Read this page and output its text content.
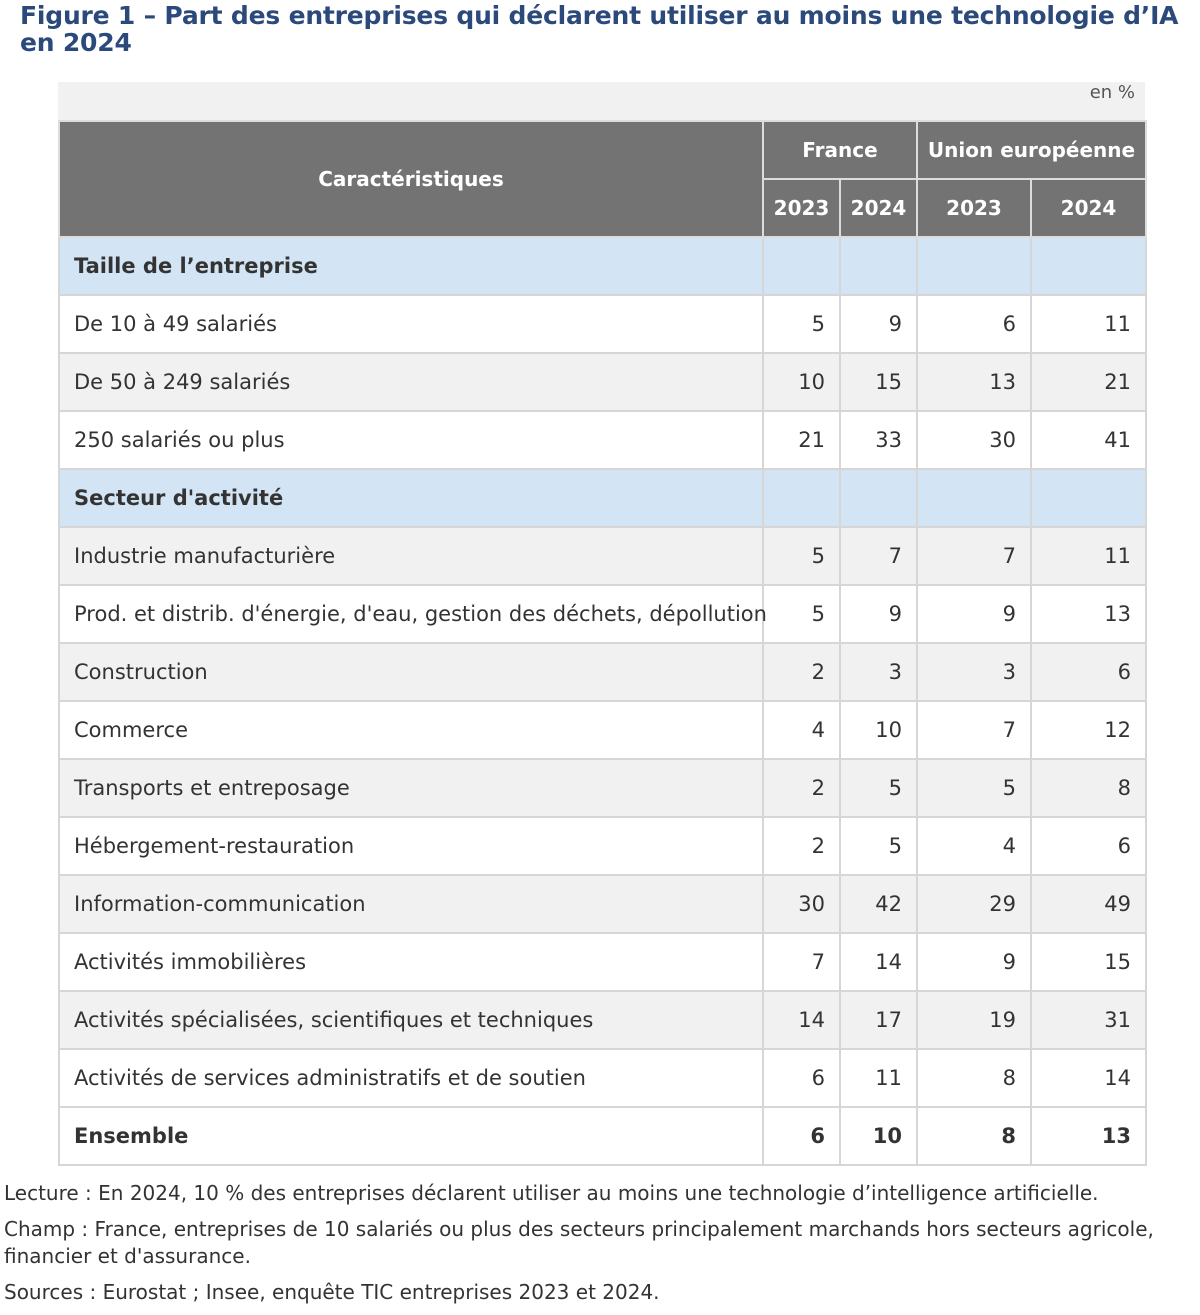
Figure 1 – Part des entreprises qui déclarent utiliser au moins une technologie d’IA en 2024
en %
Caractéristiques	France		Union européenne	
	2023	2024	2023	2024
Taille de l’entreprise				
De 10 à 49 salariés	5	9	6	11
De 50 à 249 salariés	10	15	13	21
250 salariés ou plus	21	33	30	41
Secteur d'activité				
Industrie manufacturière	5	7	7	11
Prod. et distrib. d'énergie, d'eau, gestion des déchets, dépollution	5	9	9	13
Construction	2	3	3	6
Commerce	4	10	7	12
Transports et entreposage	2	5	5	8
Hébergement-restauration	2	5	4	6
Information-communication	30	42	29	49
Activités immobilières	7	14	9	15
Activités spécialisées, scientifiques et techniques	14	17	19	31
Activités de services administratifs et de soutien	6	11	8	14
Ensemble	6	10	8	13

Lecture : En 2024, 10 % des entreprises déclarent utiliser au moins une technologie d’intelligence artificielle.

Champ : France, entreprises de 10 salariés ou plus des secteurs principalement marchands hors secteurs agricole, financier et d'assurance.

Sources : Eurostat ; Insee, enquête TIC entreprises 2023 et 2024.
